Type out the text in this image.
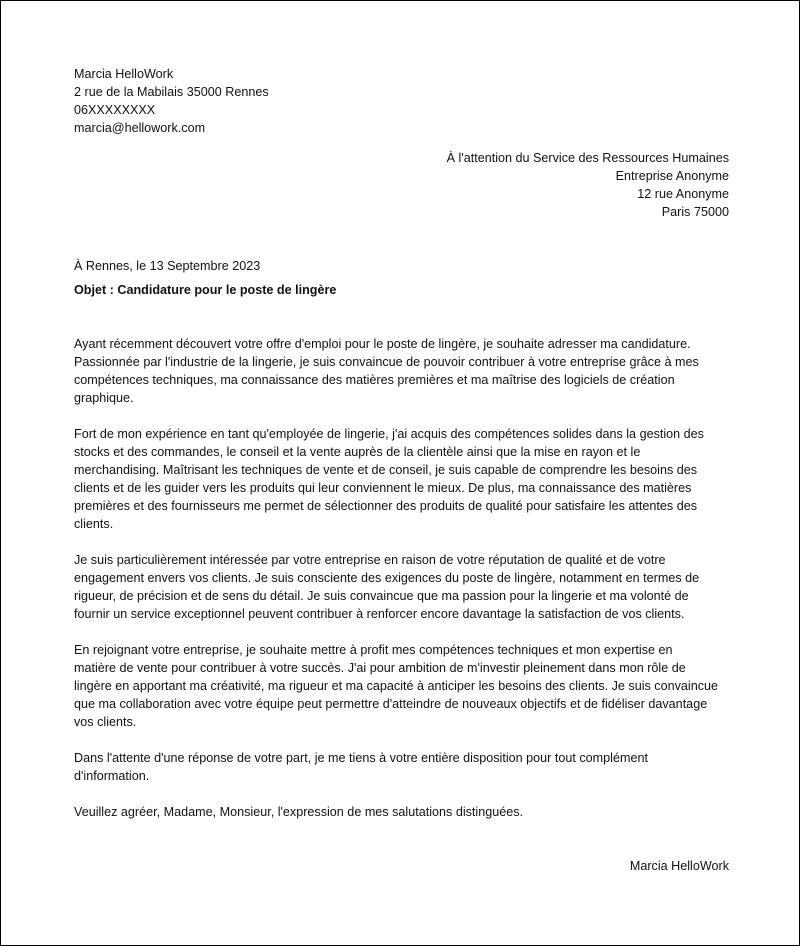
Marcia HelloWork
2 rue de la Mabilais 35000 Rennes
06XXXXXXXX
marcia@hellowork.com
À l'attention du Service des Ressources Humaines
Entreprise Anonyme
12 rue Anonyme
Paris 75000
À Rennes, le 13 Septembre 2023
Objet : Candidature pour le poste de lingère
Ayant récemment découvert votre offre d'emploi pour le poste de lingère, je souhaite adresser ma candidature.
Passionnée par l'industrie de la lingerie, je suis convaincue de pouvoir contribuer à votre entreprise grâce à mes
compétences techniques, ma connaissance des matières premières et ma maîtrise des logiciels de création
graphique.
Fort de mon expérience en tant qu'employée de lingerie, j'ai acquis des compétences solides dans la gestion des
stocks et des commandes, le conseil et la vente auprès de la clientèle ainsi que la mise en rayon et le
merchandising. Maîtrisant les techniques de vente et de conseil, je suis capable de comprendre les besoins des
clients et de les guider vers les produits qui leur conviennent le mieux. De plus, ma connaissance des matières
premières et des fournisseurs me permet de sélectionner des produits de qualité pour satisfaire les attentes des
clients.
Je suis particulièrement intéressée par votre entreprise en raison de votre réputation de qualité et de votre
engagement envers vos clients. Je suis consciente des exigences du poste de lingère, notamment en termes de
rigueur, de précision et de sens du détail. Je suis convaincue que ma passion pour la lingerie et ma volonté de
fournir un service exceptionnel peuvent contribuer à renforcer encore davantage la satisfaction de vos clients.
En rejoignant votre entreprise, je souhaite mettre à profit mes compétences techniques et mon expertise en
matière de vente pour contribuer à votre succès. J'ai pour ambition de m'investir pleinement dans mon rôle de
lingère en apportant ma créativité, ma rigueur et ma capacité à anticiper les besoins des clients. Je suis convaincue
que ma collaboration avec votre équipe peut permettre d'atteindre de nouveaux objectifs et de fidéliser davantage
vos clients.
Dans l'attente d'une réponse de votre part, je me tiens à votre entière disposition pour tout complément
d'information.
Veuillez agréer, Madame, Monsieur, l'expression de mes salutations distinguées.
Marcia HelloWork
